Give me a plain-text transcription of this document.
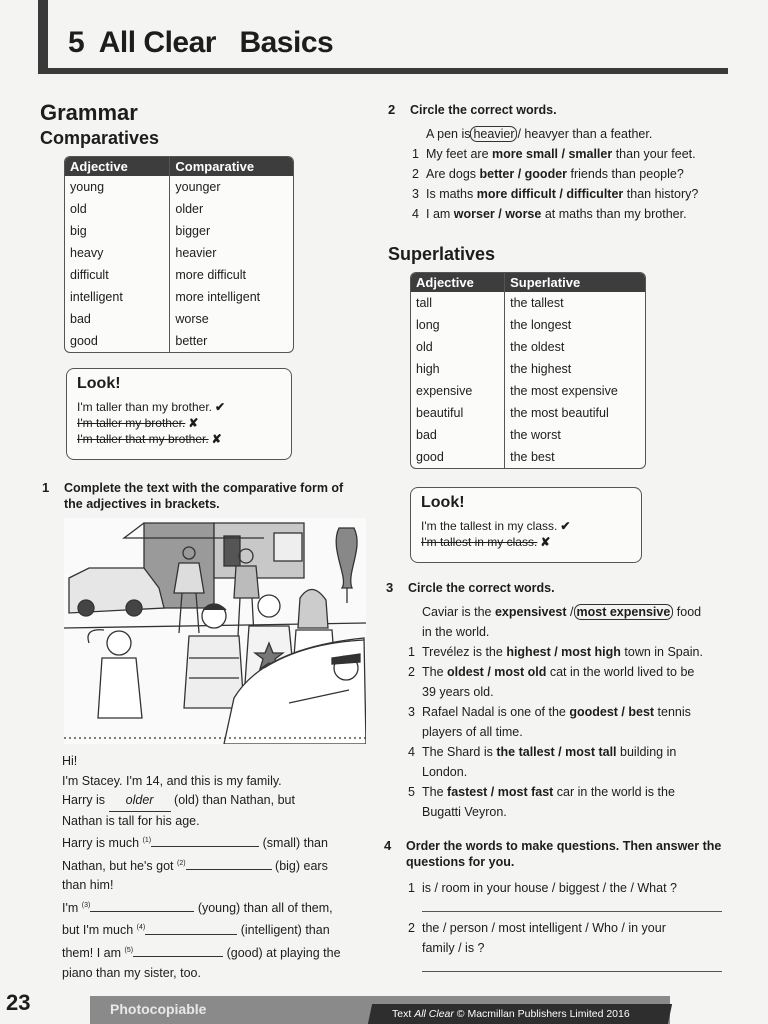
5  All Clear   Basics
Grammar
Comparatives
Adjective	Comparative
young	younger
old	older
big	bigger
heavy	heavier
difficult	more difficult
intelligent	more intelligent
bad	worse
good	better
Look!
I'm taller than my brother. ✔
I'm taller my brother. ✘
I'm taller that my brother. ✘
1 Complete the text with the comparative form of the adjectives in brackets.
Hi!
I'm Stacey. I'm 14, and this is my family.
Harry is older (old) than Nathan, but
Nathan is tall for his age.
Harry is much $^{(1)}$	(small) than
Nathan, but he's got $^{(2)}$	(big) ears
than him!
I'm $^{(3)}$	(young) than all of them,
but I'm much $^{(4)}$	(intelligent) than
them! I am $^{(5)}$	(good) at playing the
piano than my sister, too.
2 Circle the correct words.
A pen is heavier / heavyer than a feather.
1 My feet are more small / smaller than your feet.
2 Are dogs better / gooder friends than people?
3 Is maths more difficult / difficulter than history?
4 I am worser / worse at maths than my brother.
Superlatives
Adjective	Superlative
tall	the tallest
long	the longest
old	the oldest
high	the highest
expensive	the most expensive
beautiful	the most beautiful
bad	the worst
good	the best
Look!
I'm the tallest in my class. ✔
I'm tallest in my class. ✘
3 Circle the correct words.
Caviar is the expensivest / most expensive food
in the world.
1 Trevélez is the highest / most high town in Spain.
2 The oldest / most old cat in the world lived to be
39 years old.
3 Rafael Nadal is one of the goodest / best tennis
players of all time.
4 The Shard is the tallest / most tall building in
London.
5 The fastest / most fast car in the world is the
Bugatti Veyron.
4 Order the words to make questions. Then answer the questions for you.
1 is / room in your house / biggest / the / What ?
2 the / person / most intelligent / Who / in your
family / is ?
23	Photocopiable	Text All Clear © Macmillan Publishers Limited 2016
